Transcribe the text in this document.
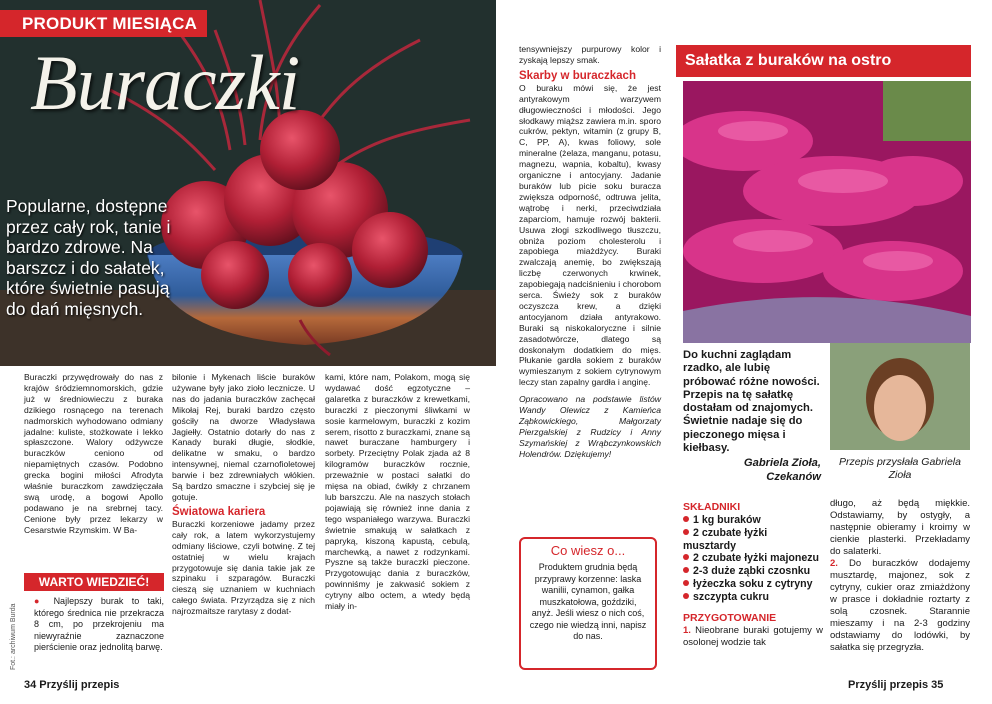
PRODUKT MIESIĄCA
Buraczki
Popularne, dostępne przez cały rok, tanie i bardzo zdrowe. Na barszcz i do sałatek, które świetnie pasują do dań mięsnych.

Buraczki przywędrowały do nas z krajów śródziemnomorskich, gdzie już w średniowieczu z buraka dzikiego rosnącego na terenach nadmorskich wyhodowano odmiany jadalne: kuliste, stożkowate i lekko spłaszczone. Walory odżywcze buraczków ceniono od niepamiętnych czasów. Podobno grecka bogini miłości Afrodyta właśnie buraczkom zawdzięczała swą urodę, a bogowi Apollo podawano je na srebrnej tacy. Cenione były przez lekarzy w Cesarstwie Rzymskim. W Ba-

bilonie i Mykenach liście buraków używane były jako zioło lecznicze. U nas do jadania buraczków zachęcał Mikołaj Rej, buraki bardzo często gościły na dworze Władysława Jagiełły. Ostatnio dotarły do nas z Kanady buraki długie, słodkie, delikatne w smaku, o bardzo intensywnej, niemal czarnofioletowej barwie i bez zdrewniałych włókien. Są bardzo smaczne i szybciej się je gotuje.

Światowa kariera

Buraczki korzeniowe jadamy przez cały rok, a latem wykorzystujemy odmiany liściowe, czyli botwinę. Z tej ostatniej w wielu krajach przygotowuje się dania takie jak ze szpinaku i szparagów. Buraczki cieszą się uznaniem w kuchniach całego świata. Przyrządza się z nich najrozmaitsze rarytasy z dodat-

kami, które nam, Polakom, mogą się wydawać dość egzotyczne – galaretka z buraczków z krewetkami, buraczki z pieczonymi śliwkami w sosie karmelowym, buraczki z kozim serem, risotto z buraczkami, znane są nawet buraczane hamburgery i sorbety. Przeciętny Polak zjada aż 8 kilogramów buraczków rocznie, przeważnie w postaci sałatki do mięsa na obiad, ćwikły z chrzanem lub barszczu. Ale na naszych stołach pojawiają się również inne dania z tego wspaniałego warzywa. Buraczki świetnie smakują w sałatkach z papryką, kiszoną kapustą, cebulą, marchewką, a nawet z rodzynkami. Pyszne są także buraczki pieczone. Przygotowując dania z buraczków, powinniśmy je zakwasić sokiem z cytryny albo octem, a wtedy będą miały in-

WARTO WIEDZIEĆ!

● Najlepszy burak to taki, którego średnica nie przekracza 8 cm, po przekrojeniu ma niewyraźnie zaznaczone pierścienie oraz jednolitą barwę.

Fot.: archiwum Burda
34 Przyślij przepis

tensywniejszy purpurowy kolor i zyskają lepszy smak.

Skarby w buraczkach

O buraku mówi się, że jest antyrakowym warzywem długowieczności i młodości. Jego słodkawy miąższ zawiera m.in. sporo cukrów, pektyn, witamin (z grupy B, C, PP, A), kwas foliowy, sole mineralne (żelaza, manganu, potasu, magnezu, wapnia, kobaltu), kwasy organiczne i antocyjany. Jadanie buraków lub picie soku buracza zwiększa odporność, odtruwa jelita, wątrobę i nerki, przeciwdziała zaparciom, hamuje rozwój bakterii. Usuwa złogi szkodliwego tłuszczu, obniża poziom cholesterolu i zapobiega miażdżycy. Buraki zwalczają anemię, bo zwiększają liczbę czerwonych krwinek, zapobiegają nadciśnieniu i chorobom serca. Świeży sok z buraków oczyszcza krew, a dzięki antocyjanom działa antyrakowo. Buraki są niskokaloryczne i silnie zasadotwórcze, dlatego są doskonałym dodatkiem do mięs. Płukanie gardła sokiem z buraków wymieszanym z sokiem cytrynowym leczy stan zapalny gardła i anginę.

Opracowano na podstawie listów Wandy Olewicz z Kamieńca Ząbkowickiego, Małgorzaty Pierzgalskiej z Rudzicy i Anny Szymańskiej z Wrąbczynkowskich Holendrów. Dziękujemy!

Co wiesz o...

Produktem grudnia będą przyprawy korzenne: laska wanilii, cynamon, gałka muszkatołowa, goździki, anyż. Jeśli wiesz o nich coś, czego nie wiedzą inni, napisz do nas.

Sałatka z buraków na ostro
Do kuchni zaglądam rzadko, ale lubię próbować różne nowości. Przepis na tę sałatkę dostałam od znajomych. Świetnie nadaje się do pieczonego mięsa i kiełbasy.
Gabriela Zioła,
Czekanów
Przepis przysłała Gabriela Zioła
SKŁADNIKI

1 kg buraków

2 czubate łyżki musztardy

2 czubate łyżki majonezu

2-3 duże ząbki czosnku

łyżeczka soku z cytryny

szczypta cukru

PRZYGOTOWANIE

1. Nieobrane buraki gotujemy w osolonej wodzie tak

długo, aż będą miękkie. Odstawiamy, by ostygły, a następnie obieramy i kroimy w cienkie plasterki. Przekładamy do salaterki.

2. Do buraczków dodajemy musztardę, majonez, sok z cytryny, cukier oraz zmiażdżony w prasce i dokładnie roztarty z solą czosnek. Starannie mieszamy i na 2-3 godziny odstawiamy do lodówki, by sałatka się przegryzła.

Przyślij przepis 35
